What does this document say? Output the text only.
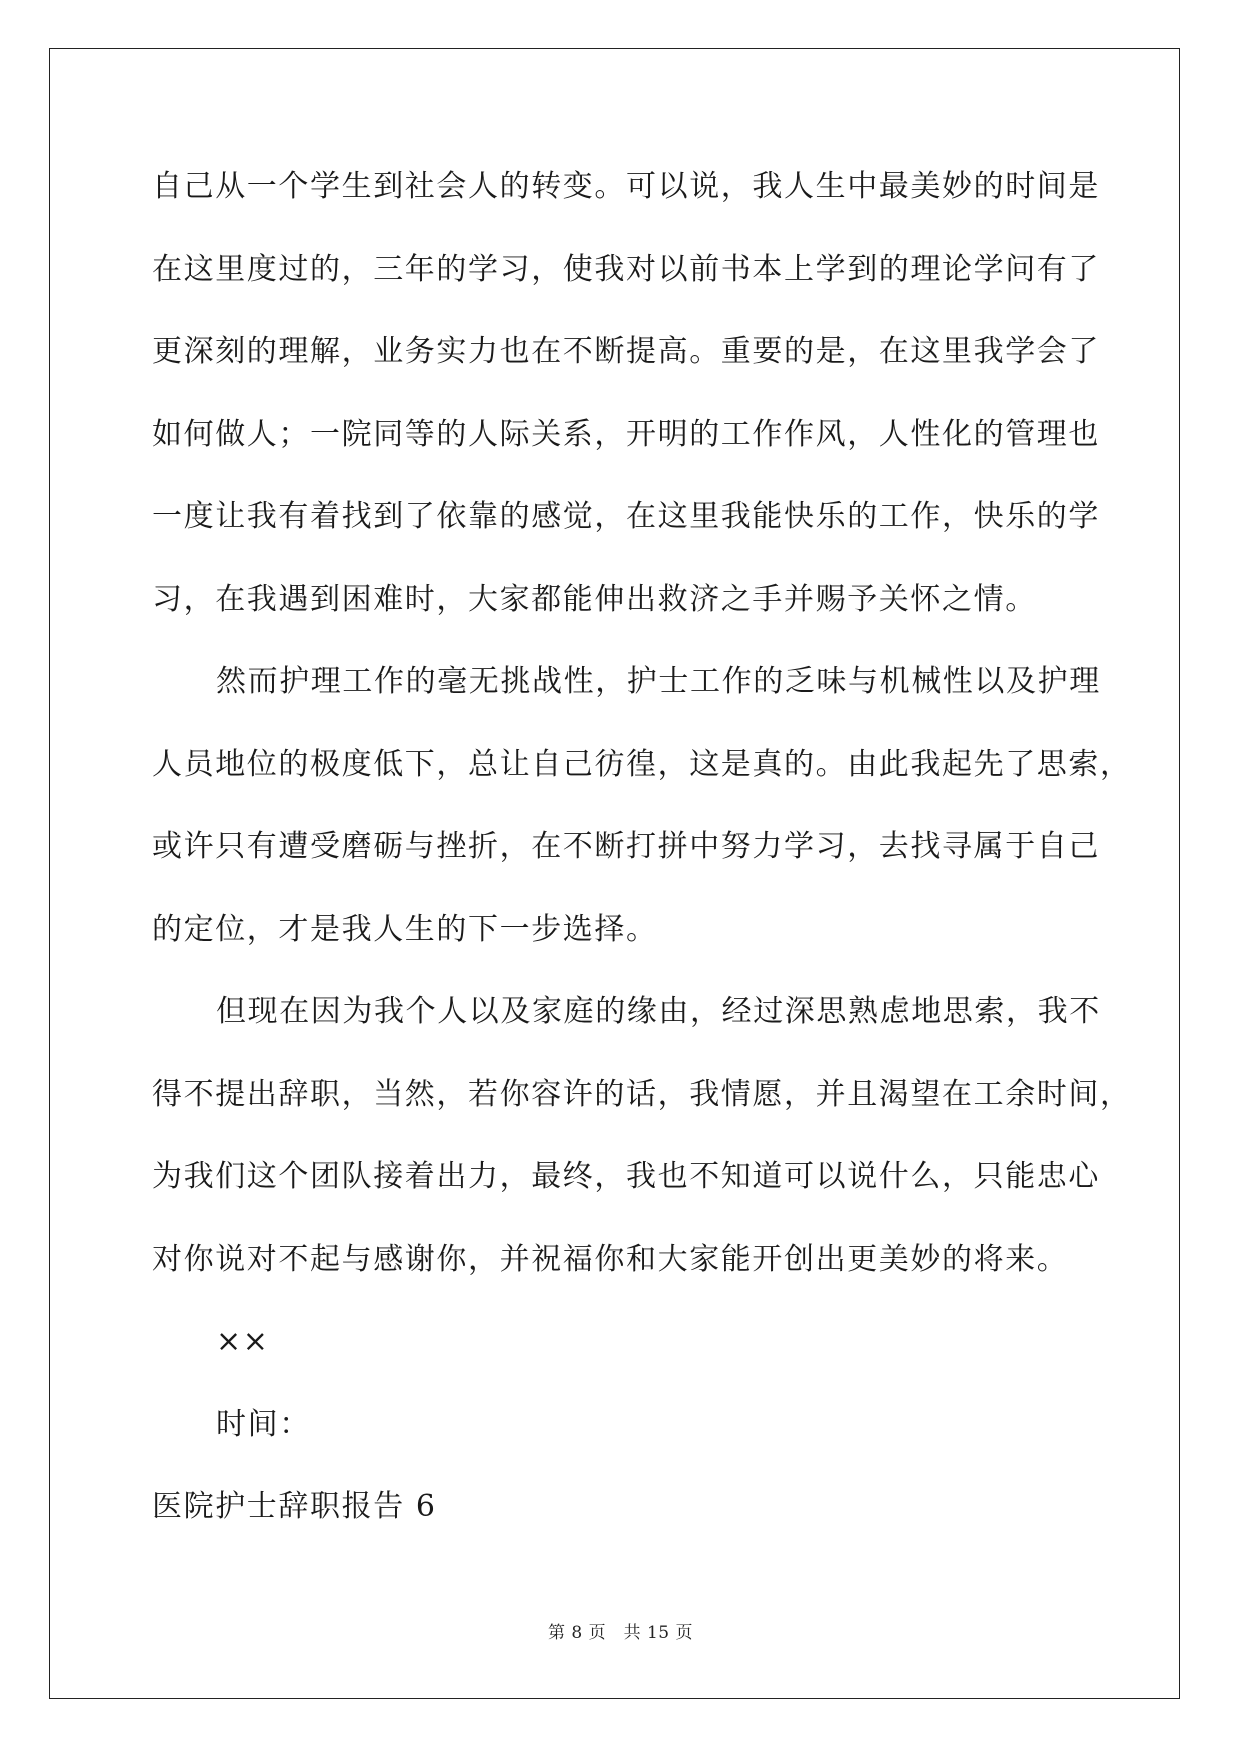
自己从一个学生到社会人的转变。可以说，我人生中最美妙的时间是
在这里度过的，三年的学习，使我对以前书本上学到的理论学问有了
更深刻的理解，业务实力也在不断提高。重要的是，在这里我学会了
如何做人；一院同等的人际关系，开明的工作作风，人性化的管理也
一度让我有着找到了依靠的感觉，在这里我能快乐的工作，快乐的学
习，在我遇到困难时，大家都能伸出救济之手并赐予关怀之情。
然而护理工作的毫无挑战性，护士工作的乏味与机械性以及护理
人员地位的极度低下，总让自己彷徨，这是真的。由此我起先了思索，
或许只有遭受磨砺与挫折，在不断打拼中努力学习，去找寻属于自己
的定位，才是我人生的下一步选择。
但现在因为我个人以及家庭的缘由，经过深思熟虑地思索，我不
得不提出辞职，当然，若你容许的话，我情愿，并且渴望在工余时间，
为我们这个团队接着出力，最终，我也不知道可以说什么，只能忠心
对你说对不起与感谢你，并祝福你和大家能开创出更美妙的将来。
××
时间：
医院护士辞职报告 6
第 8 页　共 15 页
